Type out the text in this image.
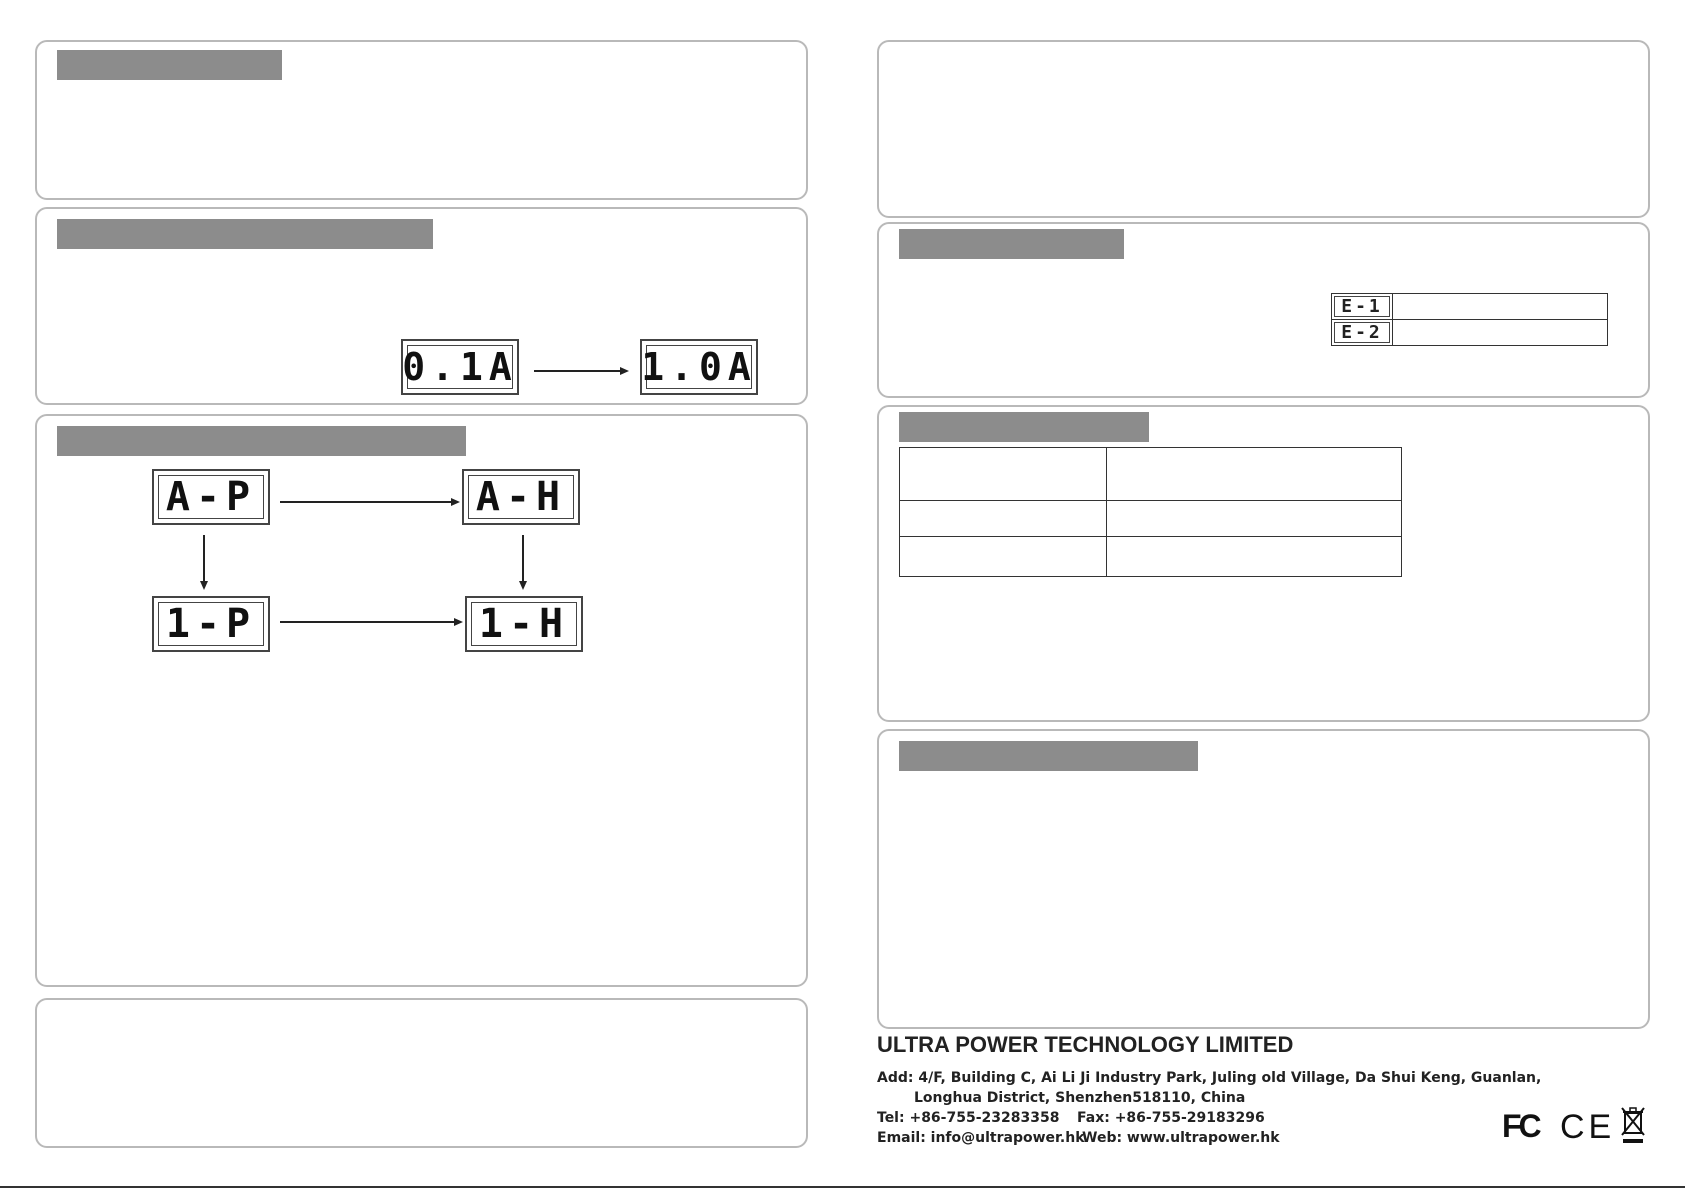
0.1A	1.0A
A-P	A-H
1-P	1-H
E-1	

E-2	

ULTRA POWER TECHNOLOGY LIMITED
Add: 4/F, Building C, Ai Li Ji Industry Park, Juling old Village, Da Shui Keng, Guanlan,
Longhua District, Shenzhen518110, China
Tel: +86-755-23283358 Fax: +86-755-29183296
Email: info@ultrapower.hk
Web: www.ultrapower.hk	FC CE
